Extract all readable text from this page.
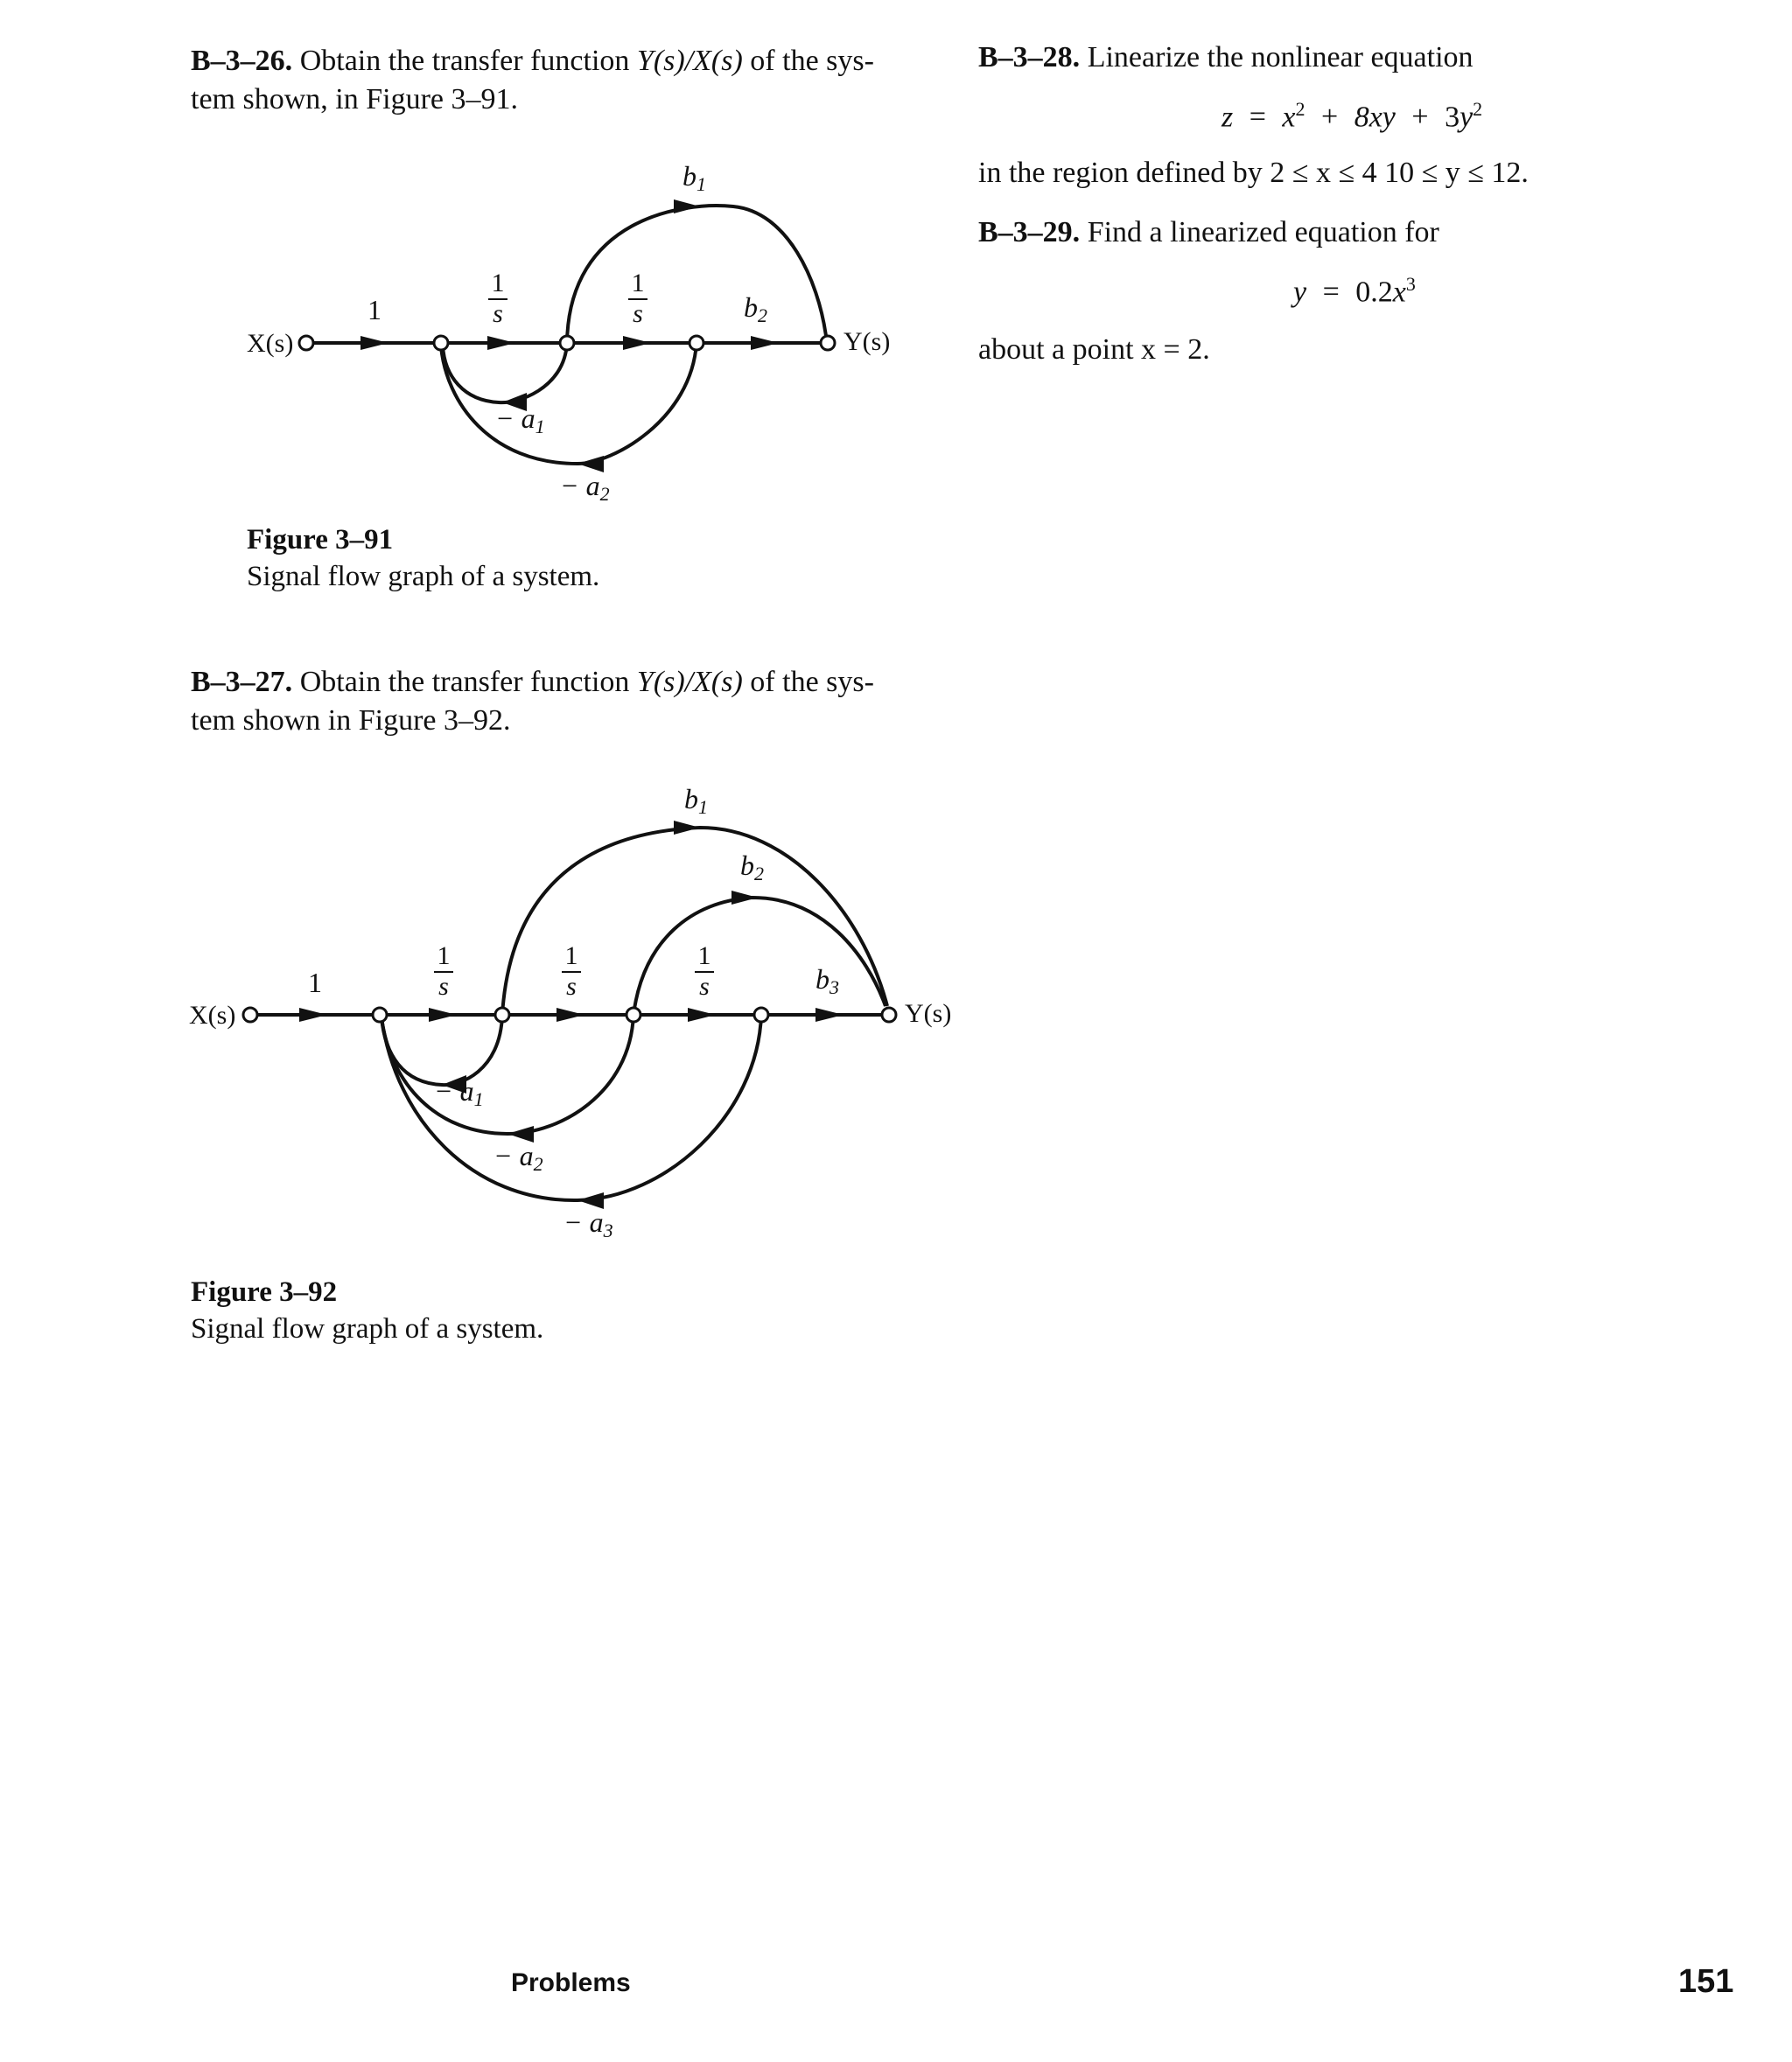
B–3–26. Obtain the transfer function Y(s)/X(s) of the sys-
tem shown, in Figure 3–91.
X(s)	Y(s)
1
1
s
1
s
b1
b2
− a1
− a2
Figure 3–91
Signal flow graph of a system.
B–3–27. Obtain the transfer function Y(s)/X(s) of the sys-
tem shown in Figure 3–92.
X(s)	Y(s)
1
1
s
1
s
1
s
b1
b2
b3
− a1
− a2
− a3
Figure 3–92
Signal flow graph of a system.
B–3–28. Linearize the nonlinear equation
$z = x^2 + 8xy + 3y^2$
in the region defined by 2 ≤ x ≤ 4 10 ≤ y ≤ 12.
B–3–29. Find a linearized equation for
$y = 0.2x^3$
about a point x = 2.
Problems	151
